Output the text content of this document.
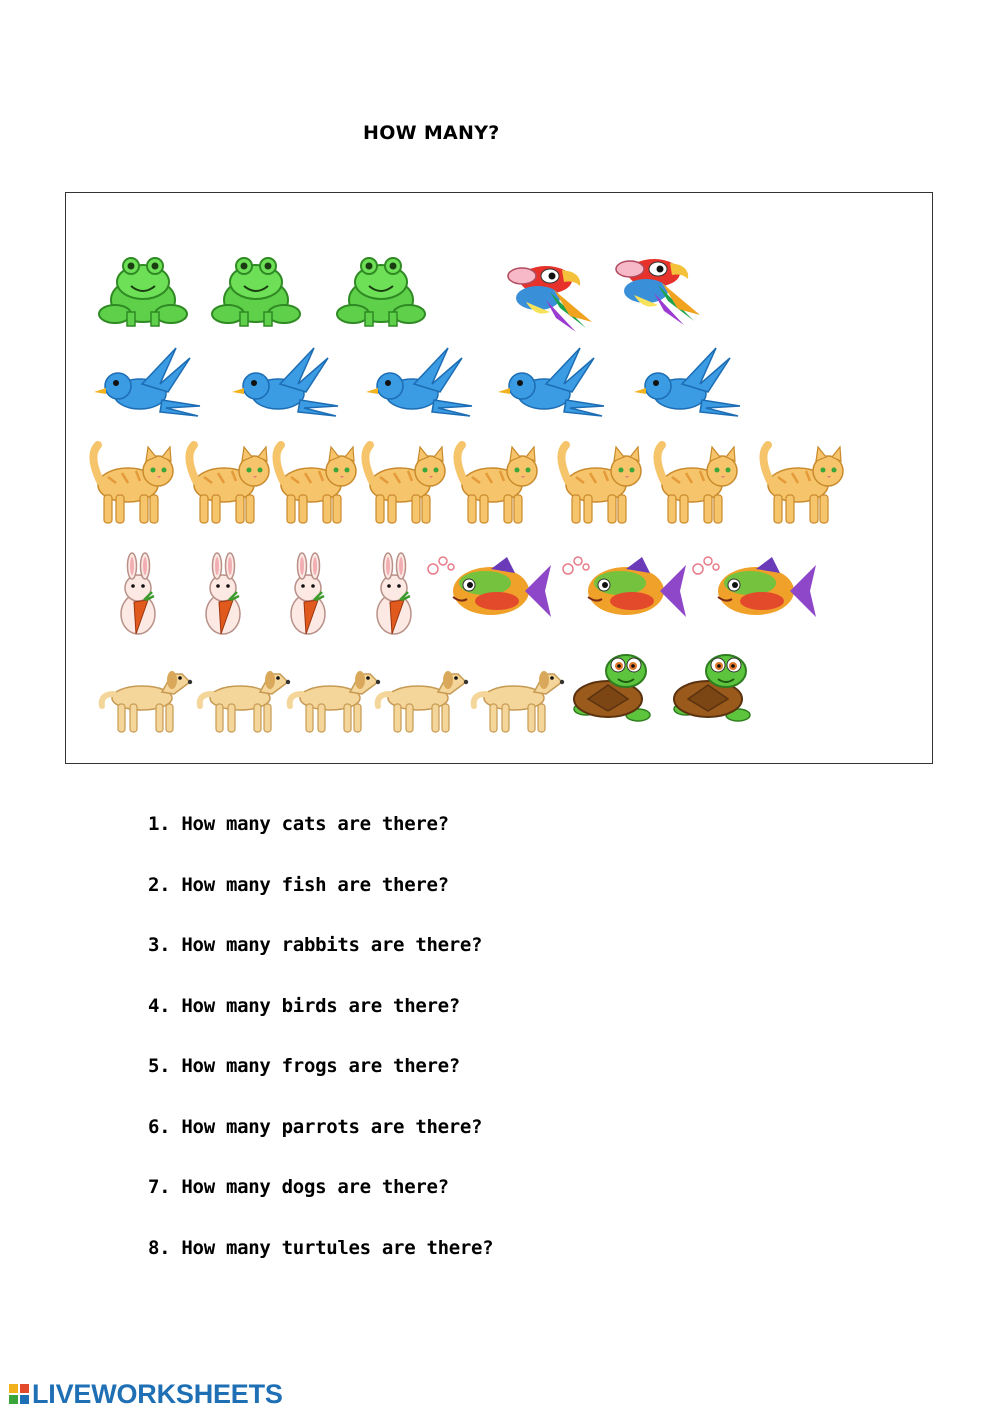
HOW MANY?
1. How many cats are there?
2. How many fish are there?
3. How many rabbits are there?
4. How many birds are there?
5. How many frogs are there?
6. How many parrots are there?
7. How many dogs are there?
8. How many turtules are there?
LIVEWORKSHEETS
